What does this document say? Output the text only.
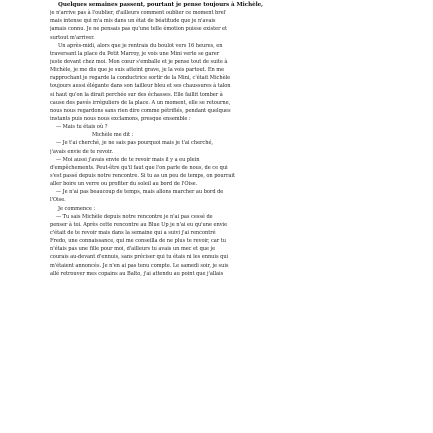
Quelques semaines passent, pourtant je pense toujours à Michèle,
je n'arrive pas à l'oublier, d'ailleurs comment oublier ce moment bref
mais intense qui m'a mis dans un état de béatitude que je n'avais
jamais connu. Je ne pensais pas qu'une telle émotion puisse exister et
surtout m'arriver.
Un après-midi, alors que je rentrais du boulot vers 16 heures, en
traversant la place du Petit Marroy, je vois une Mini verte se garer
juste devant chez moi. Mon cœur s'emballe et je pense tout de suite à
Michèle, je me dis que je suis atteint grave, je la vois partout. En me
rapprochant je regarde la conductrice sortir de la Mini, c'était Michèle
toujours aussi élégante dans son tailleur bleu et ses chaussures à talon
si haut qu'on la dirait perchée sur des échasses. Elle faillit tomber à
cause des pavés irréguliers de la place. A un moment, elle se retourne,
nous nous regardons sans rien dire comme pétrifiés, pendant quelques
instants puis nous nous exclamons, presque ensemble :
— Mais tu étais où ?
Michèle me dit :
— Je t'ai cherché, je ne sais pas pourquoi mais je t'ai cherché,
j'avais envie de te revoir.
— Moi aussi j'avais envie de te revoir mais il y a eu plein
d'empêchements. Peut-être qu'il faut que l'on parle de nous, de ce qui
s'est passé depuis notre rencontre. Si tu as un peu de temps, on pourrait
aller boire un verre ou profiter du soleil au bord de l'Oise.
— Je n'ai pas beaucoup de temps, mais allons marcher au bord de
l'Oise.
Je commence :
— Tu sais Michèle depuis notre rencontre je n'ai pas cessé de
penser à toi. Après cette rencontre au Blue Up je n'ai eu qu'une envie
c'était de te revoir mais dans la semaine qui a suivi j'ai rencontré
Fredo, une connaissance, qui me conseilla de ne plus te revoir, car tu
n'étais pas une fille pour moi, d'ailleurs tu avais un mec et que je
courais au-devant d'ennuis, sans préciser qui tu étais ni les ennuis qui
m'étaient annoncés. Je n'en ai pas tenu compte. Le samedi soir, je suis
allé retrouver mes copains au Balto, j'ai attendu au point que j'allais
